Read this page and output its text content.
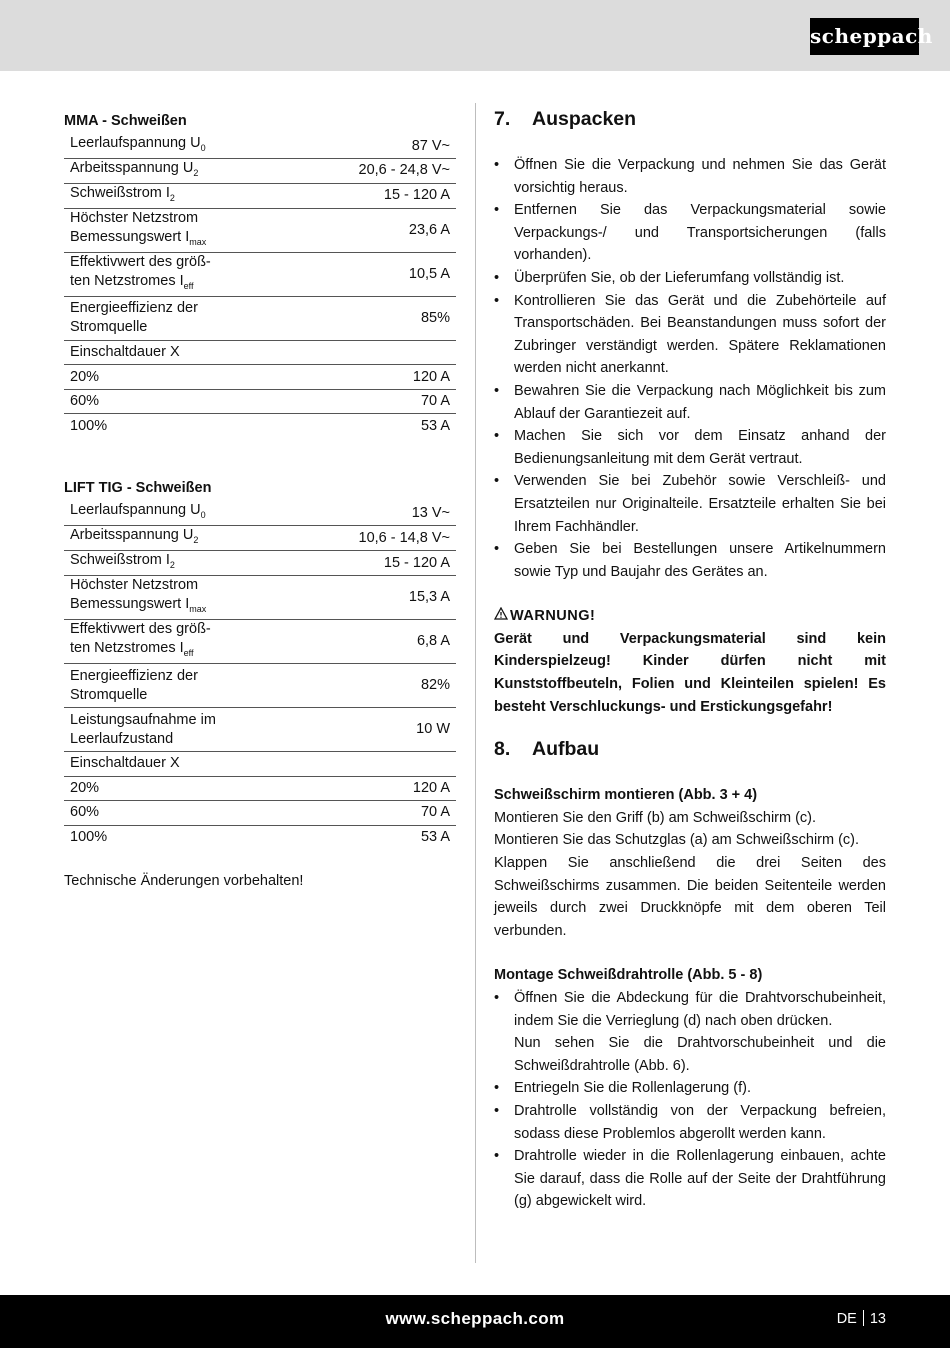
scheppach
MMA - Schweißen
Leerlaufspannung $U_0$	87 V~
Arbeitsspannung $U_2$	20,6 - 24,8 V~
Schweißstrom $I_2$	15 - 120 A
Höchster Netzstrom
Bemessungswert $I_{max}$	23,6 A
Effektivwert des größ-
ten Netzstromes $I_{eff}$	10,5 A
Energieeffizienz der
Stromquelle	85%
Einschaltdauer X	
20%	120 A
60%	70 A
100%	53 A
LIFT TIG - Schweißen
Leerlaufspannung $U_0$	13 V~
Arbeitsspannung $U_2$	10,6 - 14,8 V~
Schweißstrom $I_2$	15 - 120 A
Höchster Netzstrom
Bemessungswert $I_{max}$	15,3 A
Effektivwert des größ-
ten Netzstromes $I_{eff}$	6,8 A
Energieeffizienz der
Stromquelle	82%
Leistungsaufnahme im
Leerlaufzustand	10 W
Einschaltdauer X	
20%	120 A
60%	70 A
100%	53 A
Technische Änderungen vorbehalten!
7.	Auspacken
• Öffnen Sie die Verpackung und nehmen Sie das Gerät vorsichtig heraus.
• Entfernen Sie das Verpackungsmaterial sowie Verpackungs-/ und Transportsicherungen (falls vorhanden).
• Überprüfen Sie, ob der Lieferumfang vollständig ist.
• Kontrollieren Sie das Gerät und die Zubehörteile auf Transportschäden. Bei Beanstandungen muss sofort der Zubringer verständigt werden. Spätere Reklamationen werden nicht anerkannt.
• Bewahren Sie die Verpackung nach Möglichkeit bis zum Ablauf der Garantiezeit auf.
• Machen Sie sich vor dem Einsatz anhand der Bedienungsanleitung mit dem Gerät vertraut.
• Verwenden Sie bei Zubehör sowie Verschleiß- und Ersatzteilen nur Originalteile. Ersatzteile erhalten Sie bei Ihrem Fachhändler.
• Geben Sie bei Bestellungen unsere Artikelnummern sowie Typ und Baujahr des Gerätes an.
WARNUNG!

Gerät und Verpackungsmaterial sind kein Kinderspielzeug! Kinder dürfen nicht mit Kunststoffbeuteln, Folien und Kleinteilen spielen! Es besteht Verschluckungs- und Erstickungsgefahr!

8.	Aufbau
Schweißschirm montieren (Abb. 3 + 4)

Montieren Sie den Griff (b) am Schweißschirm (c).

Montieren Sie das Schutzglas (a) am Schweißschirm (c).

Klappen Sie anschließend die drei Seiten des Schweißschirms zusammen. Die beiden Seitenteile werden jeweils durch zwei Druckknöpfe mit dem oberen Teil verbunden.

Montage Schweißdrahtrolle (Abb. 5 - 8)
• Öffnen Sie die Abdeckung für die Drahtvorschubeinheit, indem Sie die Verrieglung (d) nach oben drücken.
Nun sehen Sie die Drahtvorschubeinheit und die Schweißdrahtrolle (Abb. 6).
• Entriegeln Sie die Rollenlagerung (f).
• Drahtrolle vollständig von der Verpackung befreien, sodass diese Problemlos abgerollt werden kann.
• Drahtrolle wieder in die Rollenlagerung einbauen, achte Sie darauf, dass die Rolle auf der Seite der Drahtführung (g) abgewickelt wird.
www.scheppach.com	DE 13
